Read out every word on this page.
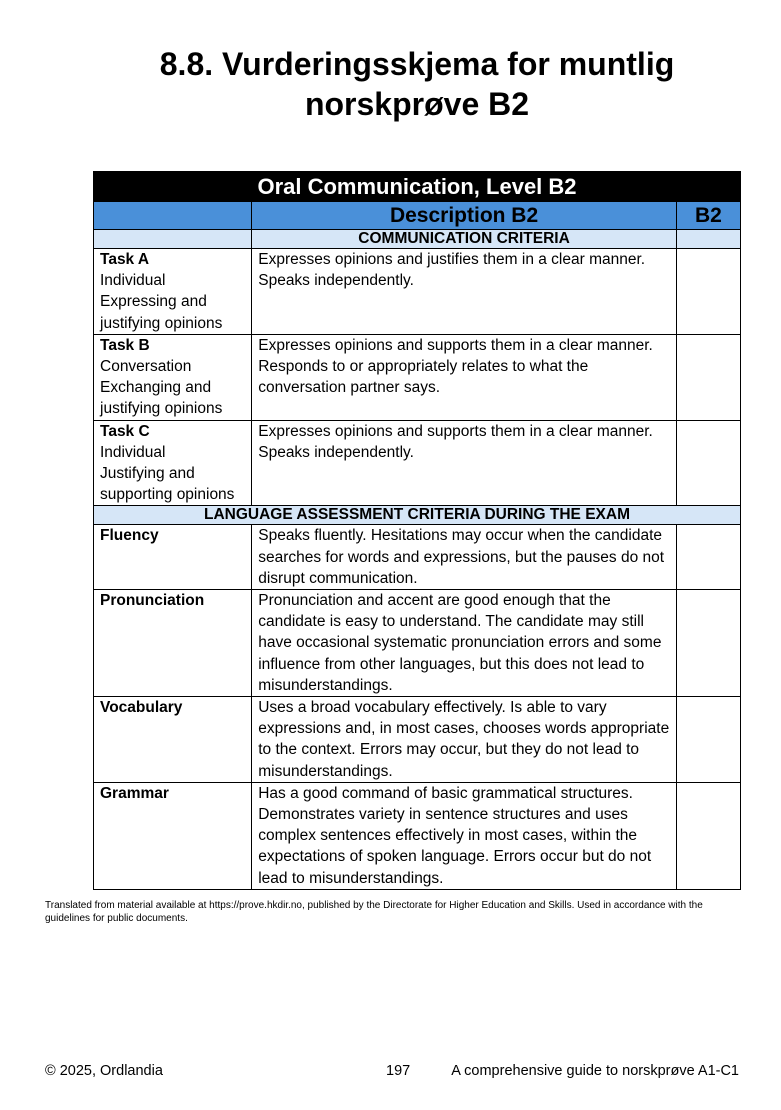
8.8. Vurderingsskjema for muntlig
norskprøve B2
Oral Communication, Level B2		
	Description B2	B2
	COMMUNICATION CRITERIA	

Task A
Individual
Expressing and
justifying opinions	Expresses opinions and justifies them in a clear manner. Speaks independently.	

Task B
Conversation
Exchanging and
justifying opinions	Expresses opinions and supports them in a clear manner. Responds to or appropriately relates to what the conversation partner says.	

Task C
Individual
Justifying and
supporting opinions	Expresses opinions and supports them in a clear manner. Speaks independently.	
LANGUAGE ASSESSMENT CRITERIA DURING THE EXAM		
Fluency	Speaks fluently. Hesitations may occur when the candidate searches for words and expressions, but the pauses do not disrupt communication.	
Pronunciation	Pronunciation and accent are good enough that the candidate is easy to understand. The candidate may still have occasional systematic pronunciation errors and some influence from other languages, but this does not lead to misunderstandings.	
Vocabulary	Uses a broad vocabulary effectively. Is able to vary expressions and, in most cases, chooses words appropriate to the context. Errors may occur, but they do not lead to misunderstandings.	
Grammar	Has a good command of basic grammatical structures. Demonstrates variety in sentence structures and uses complex sentences effectively in most cases, within the expectations of spoken language. Errors occur but do not lead to misunderstandings.	

Translated from material available at https://prove.hkdir.no, published by the Directorate for Higher Education and Skills. Used in accordance with the guidelines for public documents.

© 2025, Ordlandia	197	A comprehensive guide to norskprøve A1-C1
